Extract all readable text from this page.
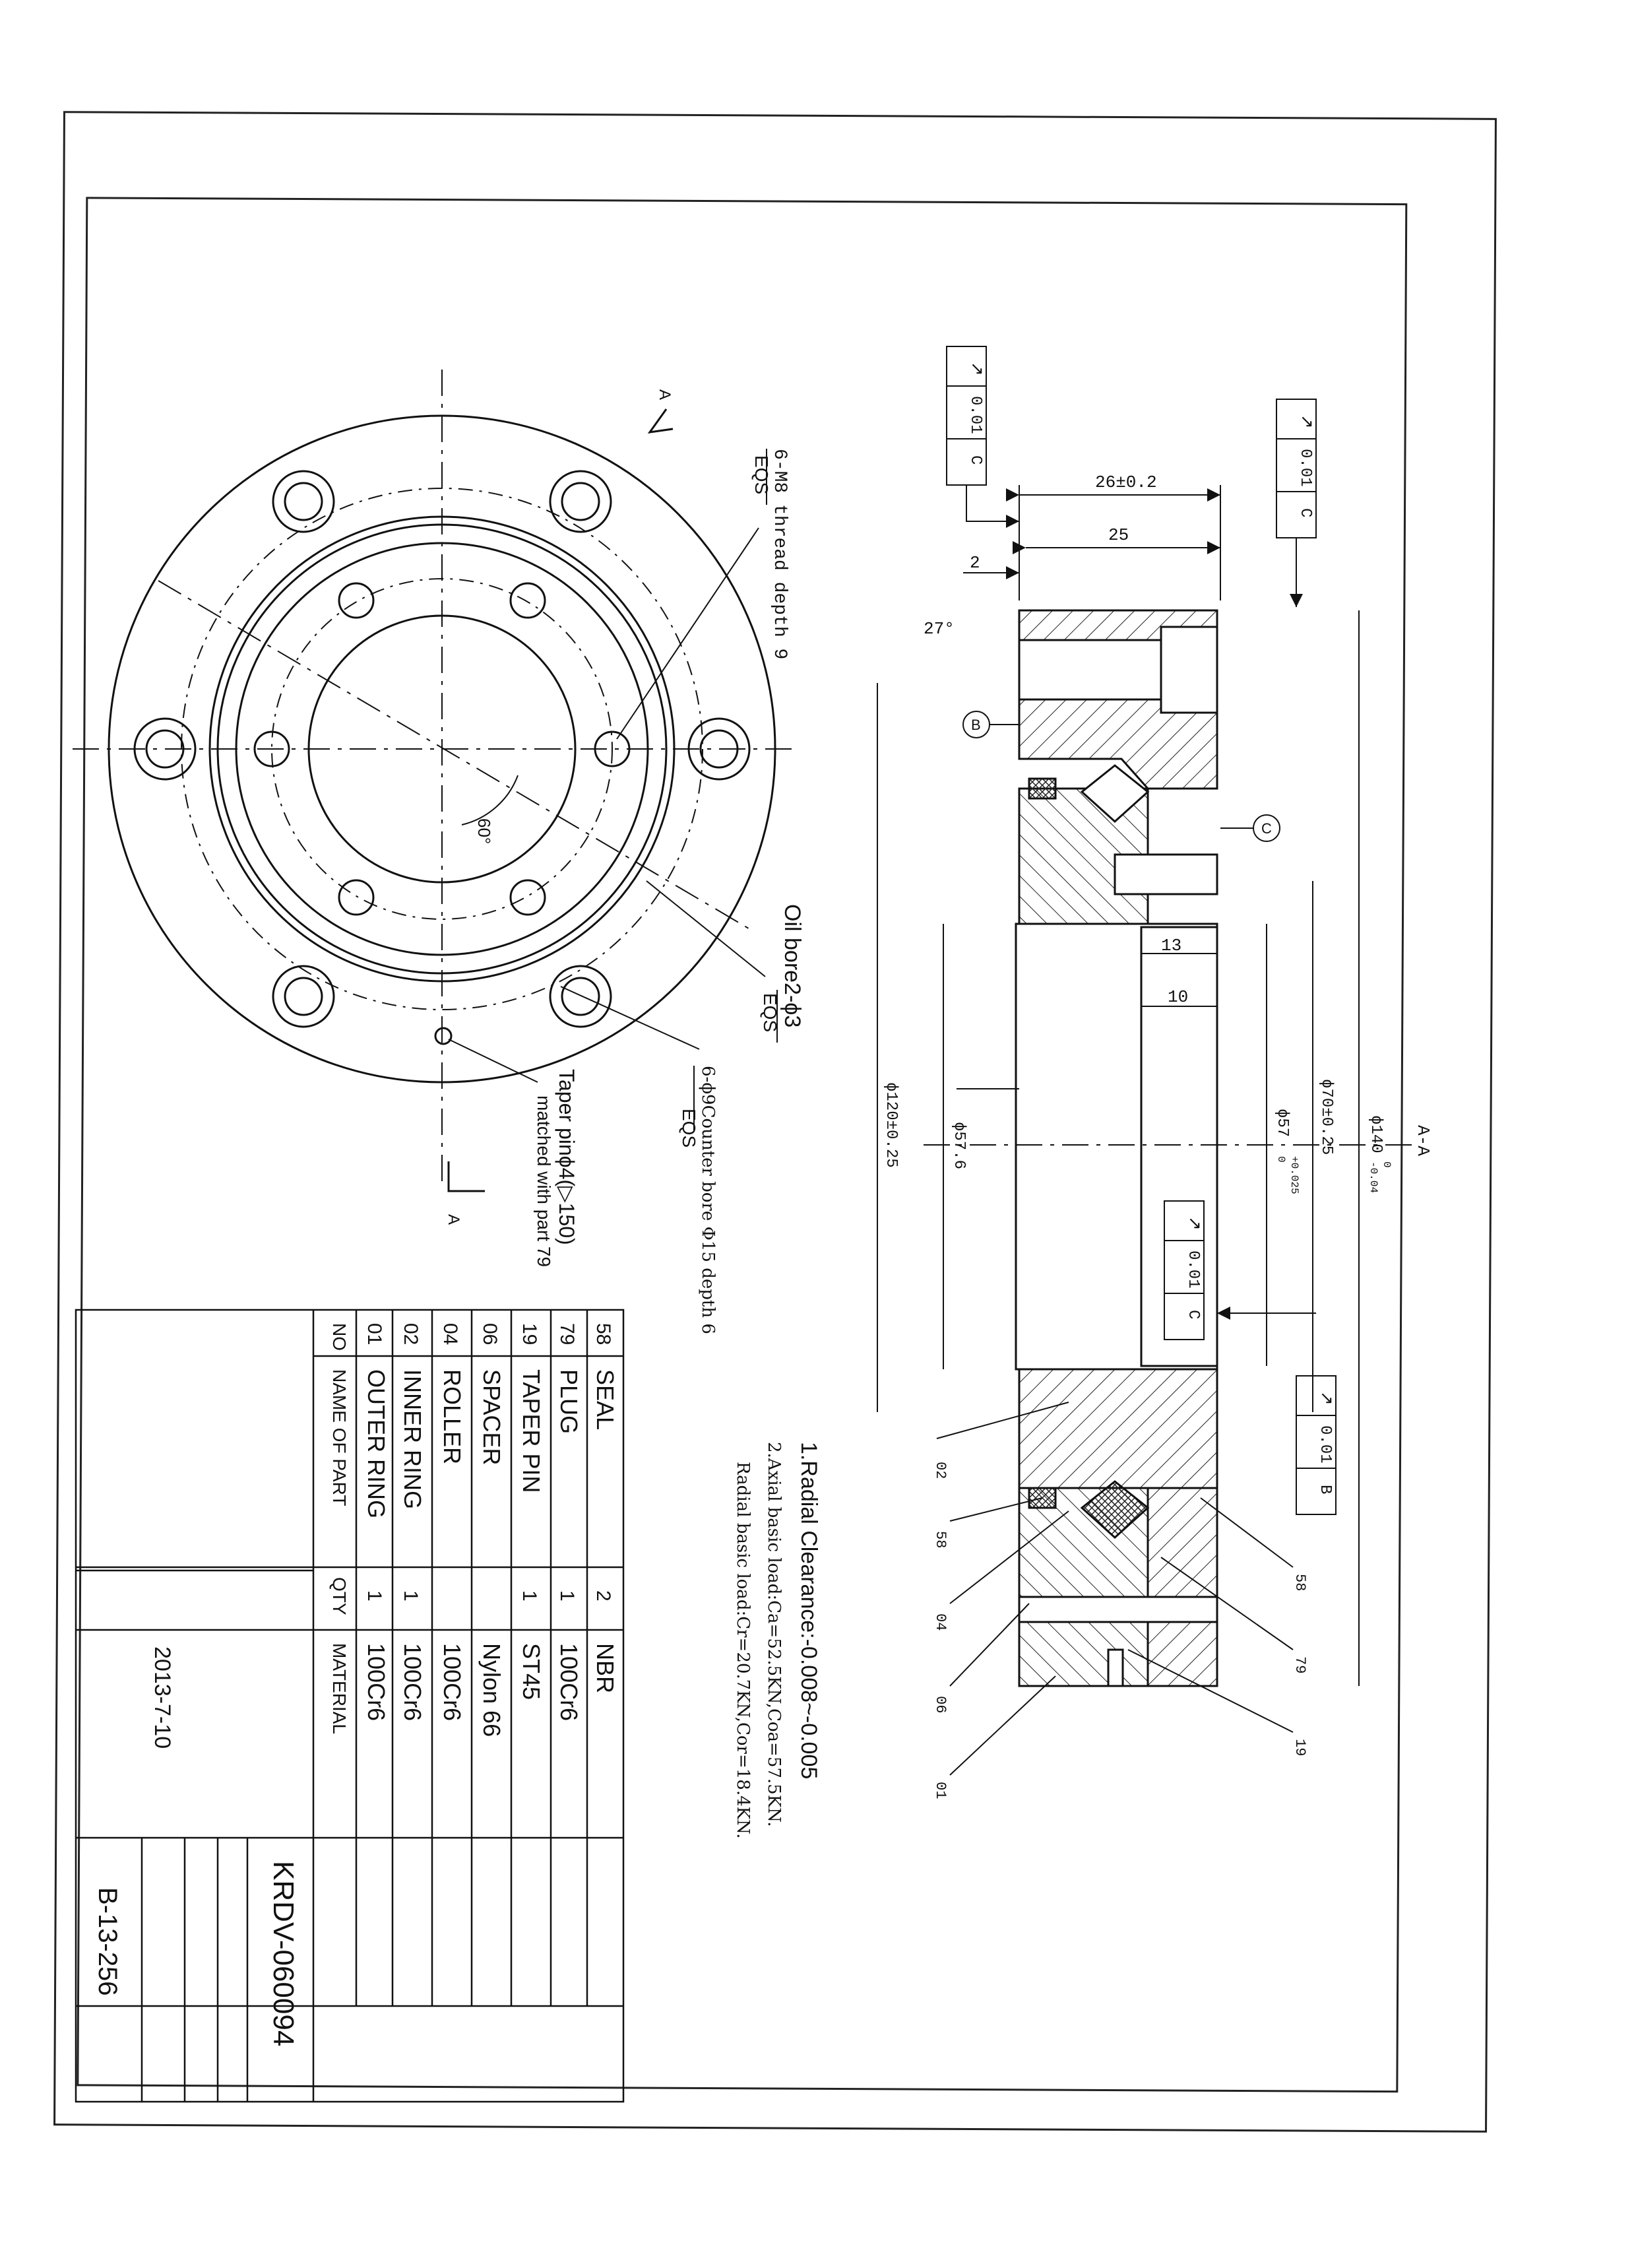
A
A
6-M8 thread depth 9
EQS
60°
Oil bore2-ϕ3
EQS
6-ϕ9Counter bore Φ15 depth 6
EQS
Taper pinϕ4(▷150)
matched with part 79
26±0.2
25
2
27°
13
10
ϕ120±0.25	ϕ57.6	ϕ70±0.25
ϕ57
+0.025
0
ϕ140
0
-0.04
A-A
↗
0.01
C
↗
0.01
C
↗
0.01
C
↗
0.01
B
B
C
02
58
04
06
01
58
79
19
1.Radial Clearance:-0.008~-0.005
2.Axial basic load:Ca=52.5KN,Coa=57.5KN.
Radial basic load:Cr=20.7KN,Cor=18.4KN.
NO
NAME OF PART
QTY
MATERIAL
58
SEAL
2
NBR
79
PLUG
1
100Cr6
19
TAPER PIN
1
ST45
06
SPACER
Nylon 66
04
ROLLER
100Cr6
02
INNER RING
1
100Cr6
01
OUTER RING
1
100Cr6
2013-7-10
KRDV-060094
B-13-256
